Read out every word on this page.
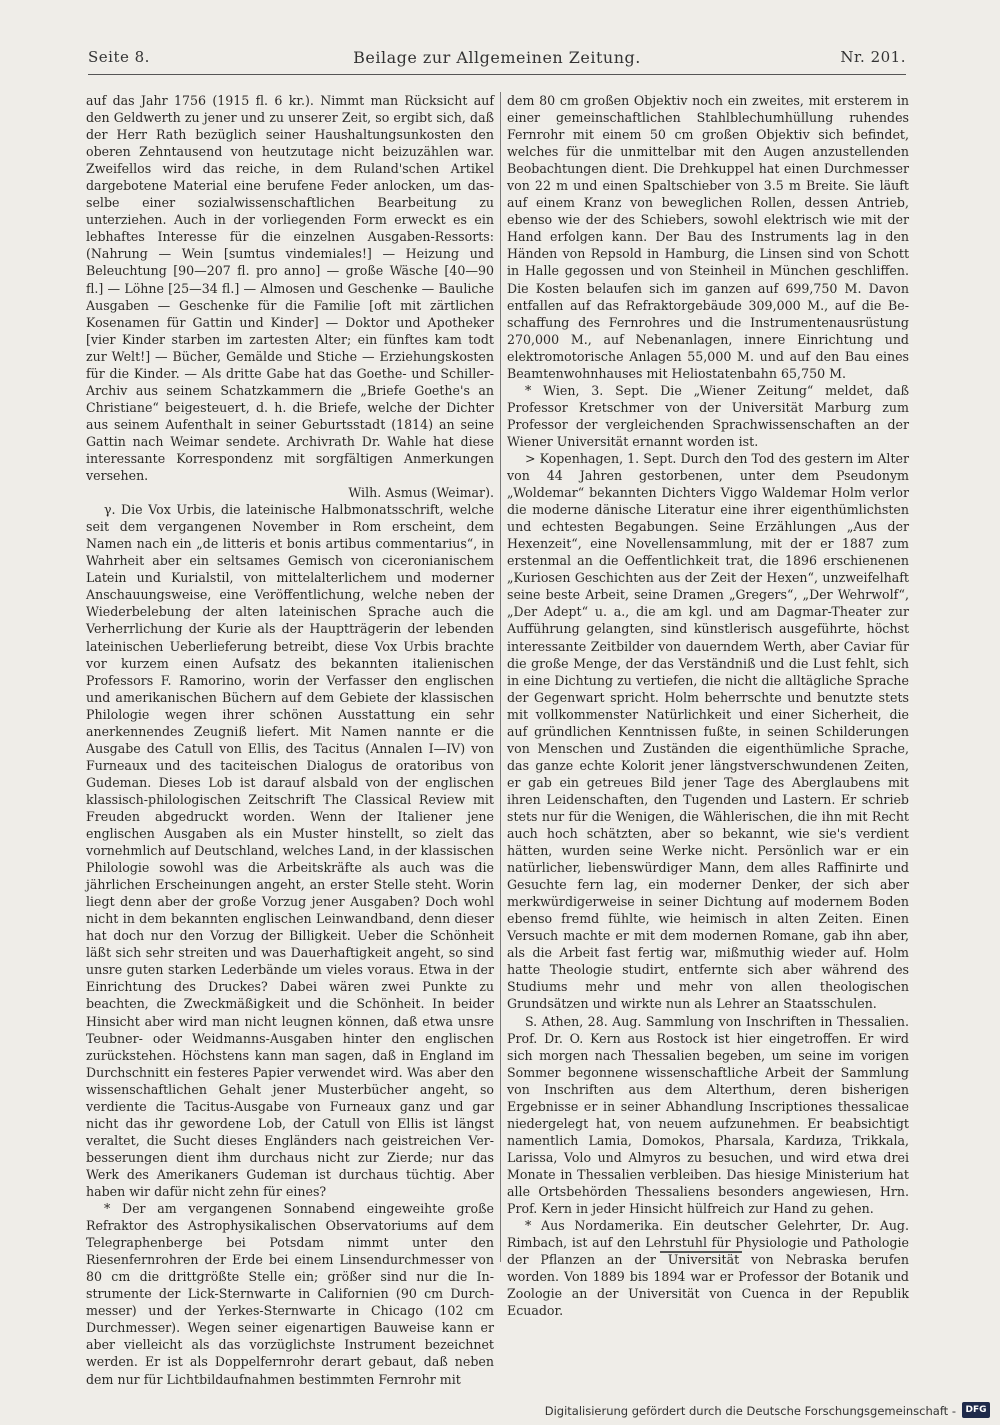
Seite 8.	Beilage zur Allgemeinen Zeitung.	Nr. 201.

auf das Jahr 1756 (1915 fl. 6 kr.). Nimmt man Rücksicht auf den Geldwerth zu jener und zu unserer Zeit, so ergibt sich, daß der Herr Rath bezüglich seiner Haushaltungsunkosten den oberen Zehntausend von heutzutage nicht beizuzählen war. Zweifellos wird das reiche, in dem Ruland'schen Artikel dargebotene Material eine berufene Feder anlocken, um dasselbe einer sozialwissenschaftlichen Bearbeitung zu unterziehen. Auch in der vorliegenden Form erweckt es ein lebhaftes Interesse für die einzelnen Ausgaben-Ressorts: (Nahrung — Wein [sumtus vindemiales!] — Heizung und Beleuchtung [90—207 fl. pro anno] — große Wäsche [40—90 fl.] — Löhne [25—34 fl.] — Almosen und Geschenke — Bauliche Ausgaben — Geschenke für die Familie [oft mit zärtlichen Kosenamen für Gattin und Kinder] — Doktor und Apotheker [vier Kinder starben im zartesten Alter; ein fünftes kam todt zur Welt!] — Bücher, Gemälde und Stiche — Erziehungskosten für die Kinder. — Als dritte Gabe hat das Goethe- und Schiller-Archiv aus seinem Schatzkammern die „Briefe Goethe's an Christiane“ beigesteuert, d. h. die Briefe, welche der Dichter aus seinem Aufenthalt in seiner Geburtsstadt (1814) an seine Gattin nach Weimar sendete. Archivrath Dr. Wahle hat diese interessante Korrespondenz mit sorgfältigen Anmerkungen versehen.

Wilh. Asmus (Weimar).

γ. Die Vox Urbis, die lateinische Halbmonatsschrift, welche seit dem vergangenen November in Rom erscheint, dem Namen nach ein „de litteris et bonis artibus commentarius“, in Wahrheit aber ein seltsames Gemisch von ciceronianischem Latein und Kurialstil, von mittelalterlichem und moderner Anschauungsweise, eine Veröffentlichung, welche neben der Wiederbelebung der alten lateinischen Sprache auch die Verherrlichung der Kurie als der Hauptträgerin der lebenden lateinischen Ueberlieferung betreibt, diese Vox Urbis brachte vor kurzem einen Aufsatz des bekannten italienischen Professors F. Ramorino, worin der Verfasser den englischen und amerikanischen Büchern auf dem Gebiete der klassischen Philologie wegen ihrer schönen Ausstattung ein sehr anerkennendes Zeugniß liefert. Mit Namen nannte er die Ausgabe des Catull von Ellis, des Tacitus (Annalen I—IV) von Furneaux und des taciteischen Dialogus de oratoribus von Gudeman. Dieses Lob ist darauf alsbald von der englischen klassisch-philologischen Zeitschrift The Classical Review mit Freuden abgedruckt worden. Wenn der Italiener jene englischen Ausgaben als ein Muster hinstellt, so zielt das vornehmlich auf Deutschland, welches Land, in der klassischen Philologie sowohl was die Arbeitskräfte als auch was die jährlichen Erscheinungen angeht, an erster Stelle steht. Worin liegt denn aber der große Vorzug jener Ausgaben? Doch wohl nicht in dem bekannten englischen Leinwandband, denn dieser hat doch nur den Vorzug der Billigkeit. Ueber die Schönheit läßt sich sehr streiten und was Dauerhaftigkeit angeht, so sind unsre guten starken Lederbände um vieles voraus. Etwa in der Einrichtung des Druckes? Dabei wären zwei Punkte zu beachten, die Zweckmäßigkeit und die Schönheit. In beider Hinsicht aber wird man nicht leugnen können, daß etwa unsre Teubner- oder Weidmanns-Ausgaben hinter den englischen zurückstehen. Höchstens kann man sagen, daß in England im Durchschnitt ein festeres Papier verwendet wird. Was aber den wissenschaftlichen Gehalt jener Musterbücher angeht, so verdiente die Tacitus-Ausgabe von Furneaux ganz und gar nicht das ihr gewordene Lob, der Catull von Ellis ist längst veraltet, die Sucht dieses Engländers nach geistreichen Verbesserungen dient ihm durchaus nicht zur Zierde; nur das Werk des Amerikaners Gudeman ist durchaus tüchtig. Aber haben wir dafür nicht zehn für eines?

* Der am vergangenen Sonnabend eingeweihte große Refraktor des Astrophysikalischen Observatoriums auf dem Telegraphenberge bei Potsdam nimmt unter den Riesenfernrohren der Erde bei einem Linsendurchmesser von 80 cm die drittgrößte Stelle ein; größer sind nur die Instrumente der Lick-Sternwarte in Californien (90 cm Durchmesser) und der Yerkes-Sternwarte in Chicago (102 cm Durchmesser). Wegen seiner eigenartigen Bauweise kann er aber vielleicht als das vorzüglichste Instrument bezeichnet werden. Er ist als Doppelfernrohr derart gebaut, daß neben dem nur für Lichtbildaufnahmen bestimmten Fernrohr mit

dem 80 cm großen Objektiv noch ein zweites, mit ersterem in einer gemeinschaftlichen Stahlblechumhüllung ruhendes Fernrohr mit einem 50 cm großen Objektiv sich befindet, welches für die unmittelbar mit den Augen anzustellenden Beobachtungen dient. Die Drehkuppel hat einen Durchmesser von 22 m und einen Spaltschieber von 3.5 m Breite. Sie läuft auf einem Kranz von beweglichen Rollen, dessen Antrieb, ebenso wie der des Schiebers, sowohl elektrisch wie mit der Hand erfolgen kann. Der Bau des Instruments lag in den Händen von Repsold in Hamburg, die Linsen sind von Schott in Halle gegossen und von Steinheil in München geschliffen. Die Kosten belaufen sich im ganzen auf 699,750 M. Davon entfallen auf das Refraktorgebäude 309,000 M., auf die Beschaffung des Fernrohres und die Instrumentenausrüstung 270,000 M., auf Nebenanlagen, innere Einrichtung und elektromotorische Anlagen 55,000 M. und auf den Bau eines Beamtenwohnhauses mit Heliostatenbahn 65,750 M.

* Wien, 3. Sept. Die „Wiener Zeitung“ meldet, daß Professor Kretschmer von der Universität Marburg zum Professor der vergleichenden Sprachwissenschaften an der Wiener Universität ernannt worden ist.

> Kopenhagen, 1. Sept. Durch den Tod des gestern im Alter von 44 Jahren gestorbenen, unter dem Pseudonym „Woldemar“ bekannten Dichters Viggo Waldemar Holm verlor die moderne dänische Literatur eine ihrer eigenthümlichsten und echtesten Begabungen. Seine Erzählungen „Aus der Hexenzeit“, eine Novellensammlung, mit der er 1887 zum erstenmal an die Oeffentlichkeit trat, die 1896 erschienenen „Kuriosen Geschichten aus der Zeit der Hexen“, unzweifelhaft seine beste Arbeit, seine Dramen „Gregers“, „Der Wehrwolf“, „Der Adept“ u. a., die am kgl. und am Dagmar-Theater zur Aufführung gelangten, sind künstlerisch ausgeführte, höchst interessante Zeitbilder von dauerndem Werth, aber Caviar für die große Menge, der das Verständniß und die Lust fehlt, sich in eine Dichtung zu vertiefen, die nicht die alltägliche Sprache der Gegenwart spricht. Holm beherrschte und benutzte stets mit vollkommenster Natürlichkeit und einer Sicherheit, die auf gründlichen Kenntnissen fußte, in seinen Schilderungen von Menschen und Zuständen die eigenthümliche Sprache, das ganze echte Kolorit jener längstverschwundenen Zeiten, er gab ein getreues Bild jener Tage des Aberglaubens mit ihren Leidenschaften, den Tugenden und Lastern. Er schrieb stets nur für die Wenigen, die Wählerischen, die ihn mit Recht auch hoch schätzten, aber so bekannt, wie sie's verdient hätten, wurden seine Werke nicht. Persönlich war er ein natürlicher, liebenswürdiger Mann, dem alles Raffinirte und Gesuchte fern lag, ein moderner Denker, der sich aber merkwürdigerweise in seiner Dichtung auf modernem Boden ebenso fremd fühlte, wie heimisch in alten Zeiten. Einen Versuch machte er mit dem modernen Romane, gab ihn aber, als die Arbeit fast fertig war, mißmuthig wieder auf. Holm hatte Theologie studirt, entfernte sich aber während des Studiums mehr und mehr von allen theologischen Grundsätzen und wirkte nun als Lehrer an Staatsschulen.

S. Athen, 28. Aug. Sammlung von Inschriften in Thessalien. Prof. Dr. O. Kern aus Rostock ist hier eingetroffen. Er wird sich morgen nach Thessalien begeben, um seine im vorigen Sommer begonnene wissenschaftliche Arbeit der Sammlung von Inschriften aus dem Alterthum, deren bisherigen Ergebnisse er in seiner Abhandlung Inscriptiones thessalicae niedergelegt hat, von neuem aufzunehmen. Er beabsichtigt namentlich Lamia, Domokos, Pharsala, Kardиza, Trikkala, Larissa, Volo und Almyros zu besuchen, und wird etwa drei Monate in Thessalien verbleiben. Das hiesige Ministerium hat alle Ortsbehörden Thessaliens besonders angewiesen, Hrn. Prof. Kern in jeder Hinsicht hülfreich zur Hand zu gehen.

* Aus Nordamerika. Ein deutscher Gelehrter, Dr. Aug. Rimbach, ist auf den Lehrstuhl für Physiologie und Pathologie der Pflanzen an der Universität von Nebraska berufen worden. Von 1889 bis 1894 war er Professor der Botanik und Zoologie an der Universität von Cuenca in der Republik Ecuador.

Digitalisierung gefördert durch die Deutsche Forschungsgemeinschaft -	DFG
